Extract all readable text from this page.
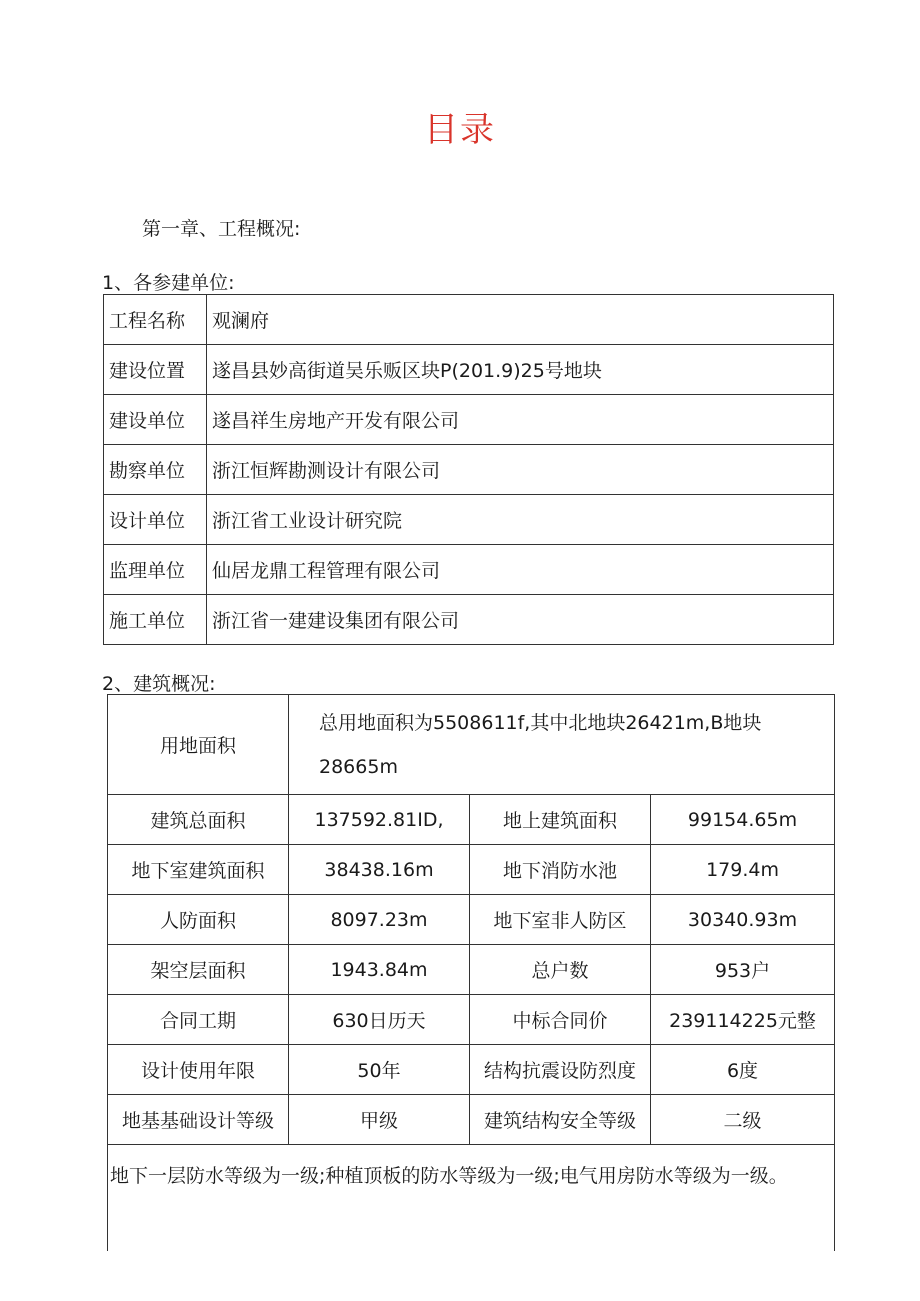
目录
第一章、工程概况:
1、各参建单位:
工程名称	观澜府
建设位置	遂昌县妙高街道吴乐贩区块P(201.9)25号地块
建设单位	遂昌祥生房地产开发有限公司
勘察单位	浙江恒辉勘测设计有限公司
设计单位	浙江省工业设计研究院
监理单位	仙居龙鼎工程管理有限公司
施工单位	浙江省一建建设集团有限公司
2、建筑概况:
用地面积	总用地面积为5508611f,其中北地块26421m,B地块28665m		
建筑总面积	137592.81ID,	地上建筑面积	99154.65m
地下室建筑面积	38438.16m	地下消防水池	179.4m
人防面积	8097.23m	地下室非人防区	30340.93m
架空层面积	1943.84m	总户数	953户
合同工期	630日历天	中标合同价	239114225元整
设计使用年限	50年	结构抗震设防烈度	6度
地基基础设计等级	甲级	建筑结构安全等级	二级
地下一层防水等级为一级;种植顶板的防水等级为一级;电气用房防水等级为一级。			
